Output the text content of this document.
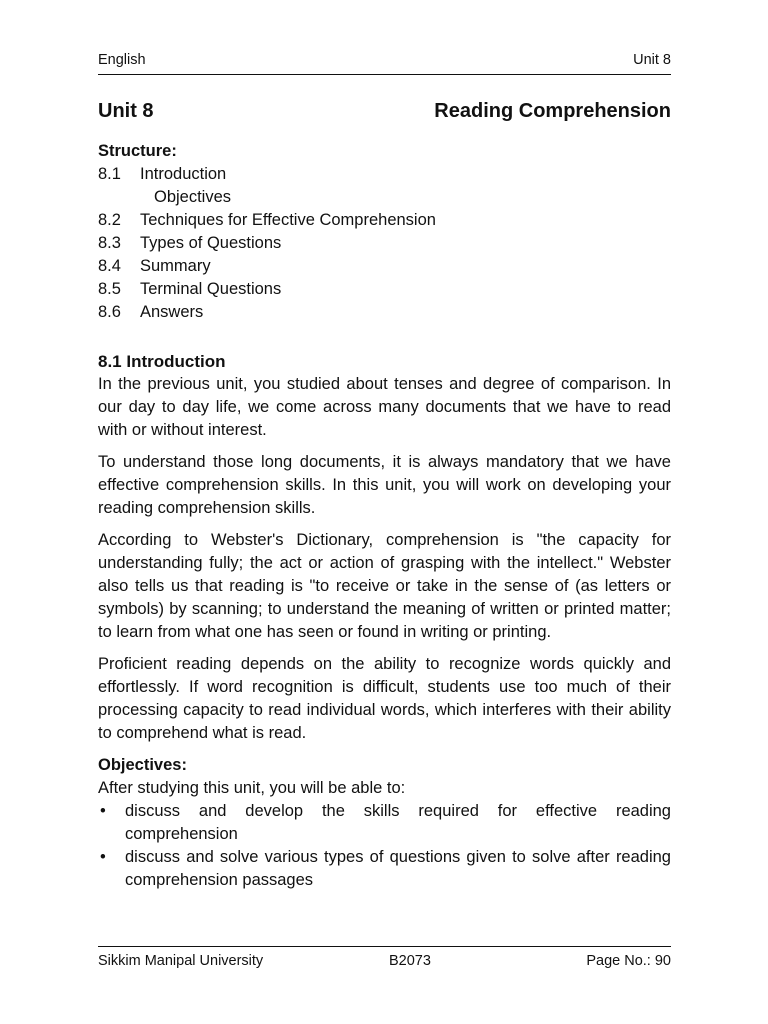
English	Unit 8
Unit 8	Reading Comprehension
Structure:
8.1	Introduction
Objectives
8.2	Techniques for Effective Comprehension
8.3	Types of Questions
8.4	Summary
8.5	Terminal Questions
8.6	Answers
8.1 Introduction

In the previous unit, you studied about tenses and degree of comparison. In our day to day life, we come across many documents that we have to read with or without interest.

To understand those long documents, it is always mandatory that we have effective comprehension skills. In this unit, you will work on developing your reading comprehension skills.

According to Webster's Dictionary, comprehension is "the capacity for understanding fully; the act or action of grasping with the intellect." Webster also tells us that reading is "to receive or take in the sense of (as letters or symbols) by scanning; to understand the meaning of written or printed matter; to learn from what one has seen or found in writing or printing.

Proficient reading depends on the ability to recognize words quickly and effortlessly. If word recognition is difficult, students use too much of their processing capacity to read individual words, which interferes with their ability to comprehend what is read.

Objectives:
After studying this unit, you will be able to:
• discuss and develop the skills required for effective reading comprehension
• discuss and solve various types of questions given to solve after reading comprehension passages
Sikkim Manipal University	B2073	Page No.: 90
